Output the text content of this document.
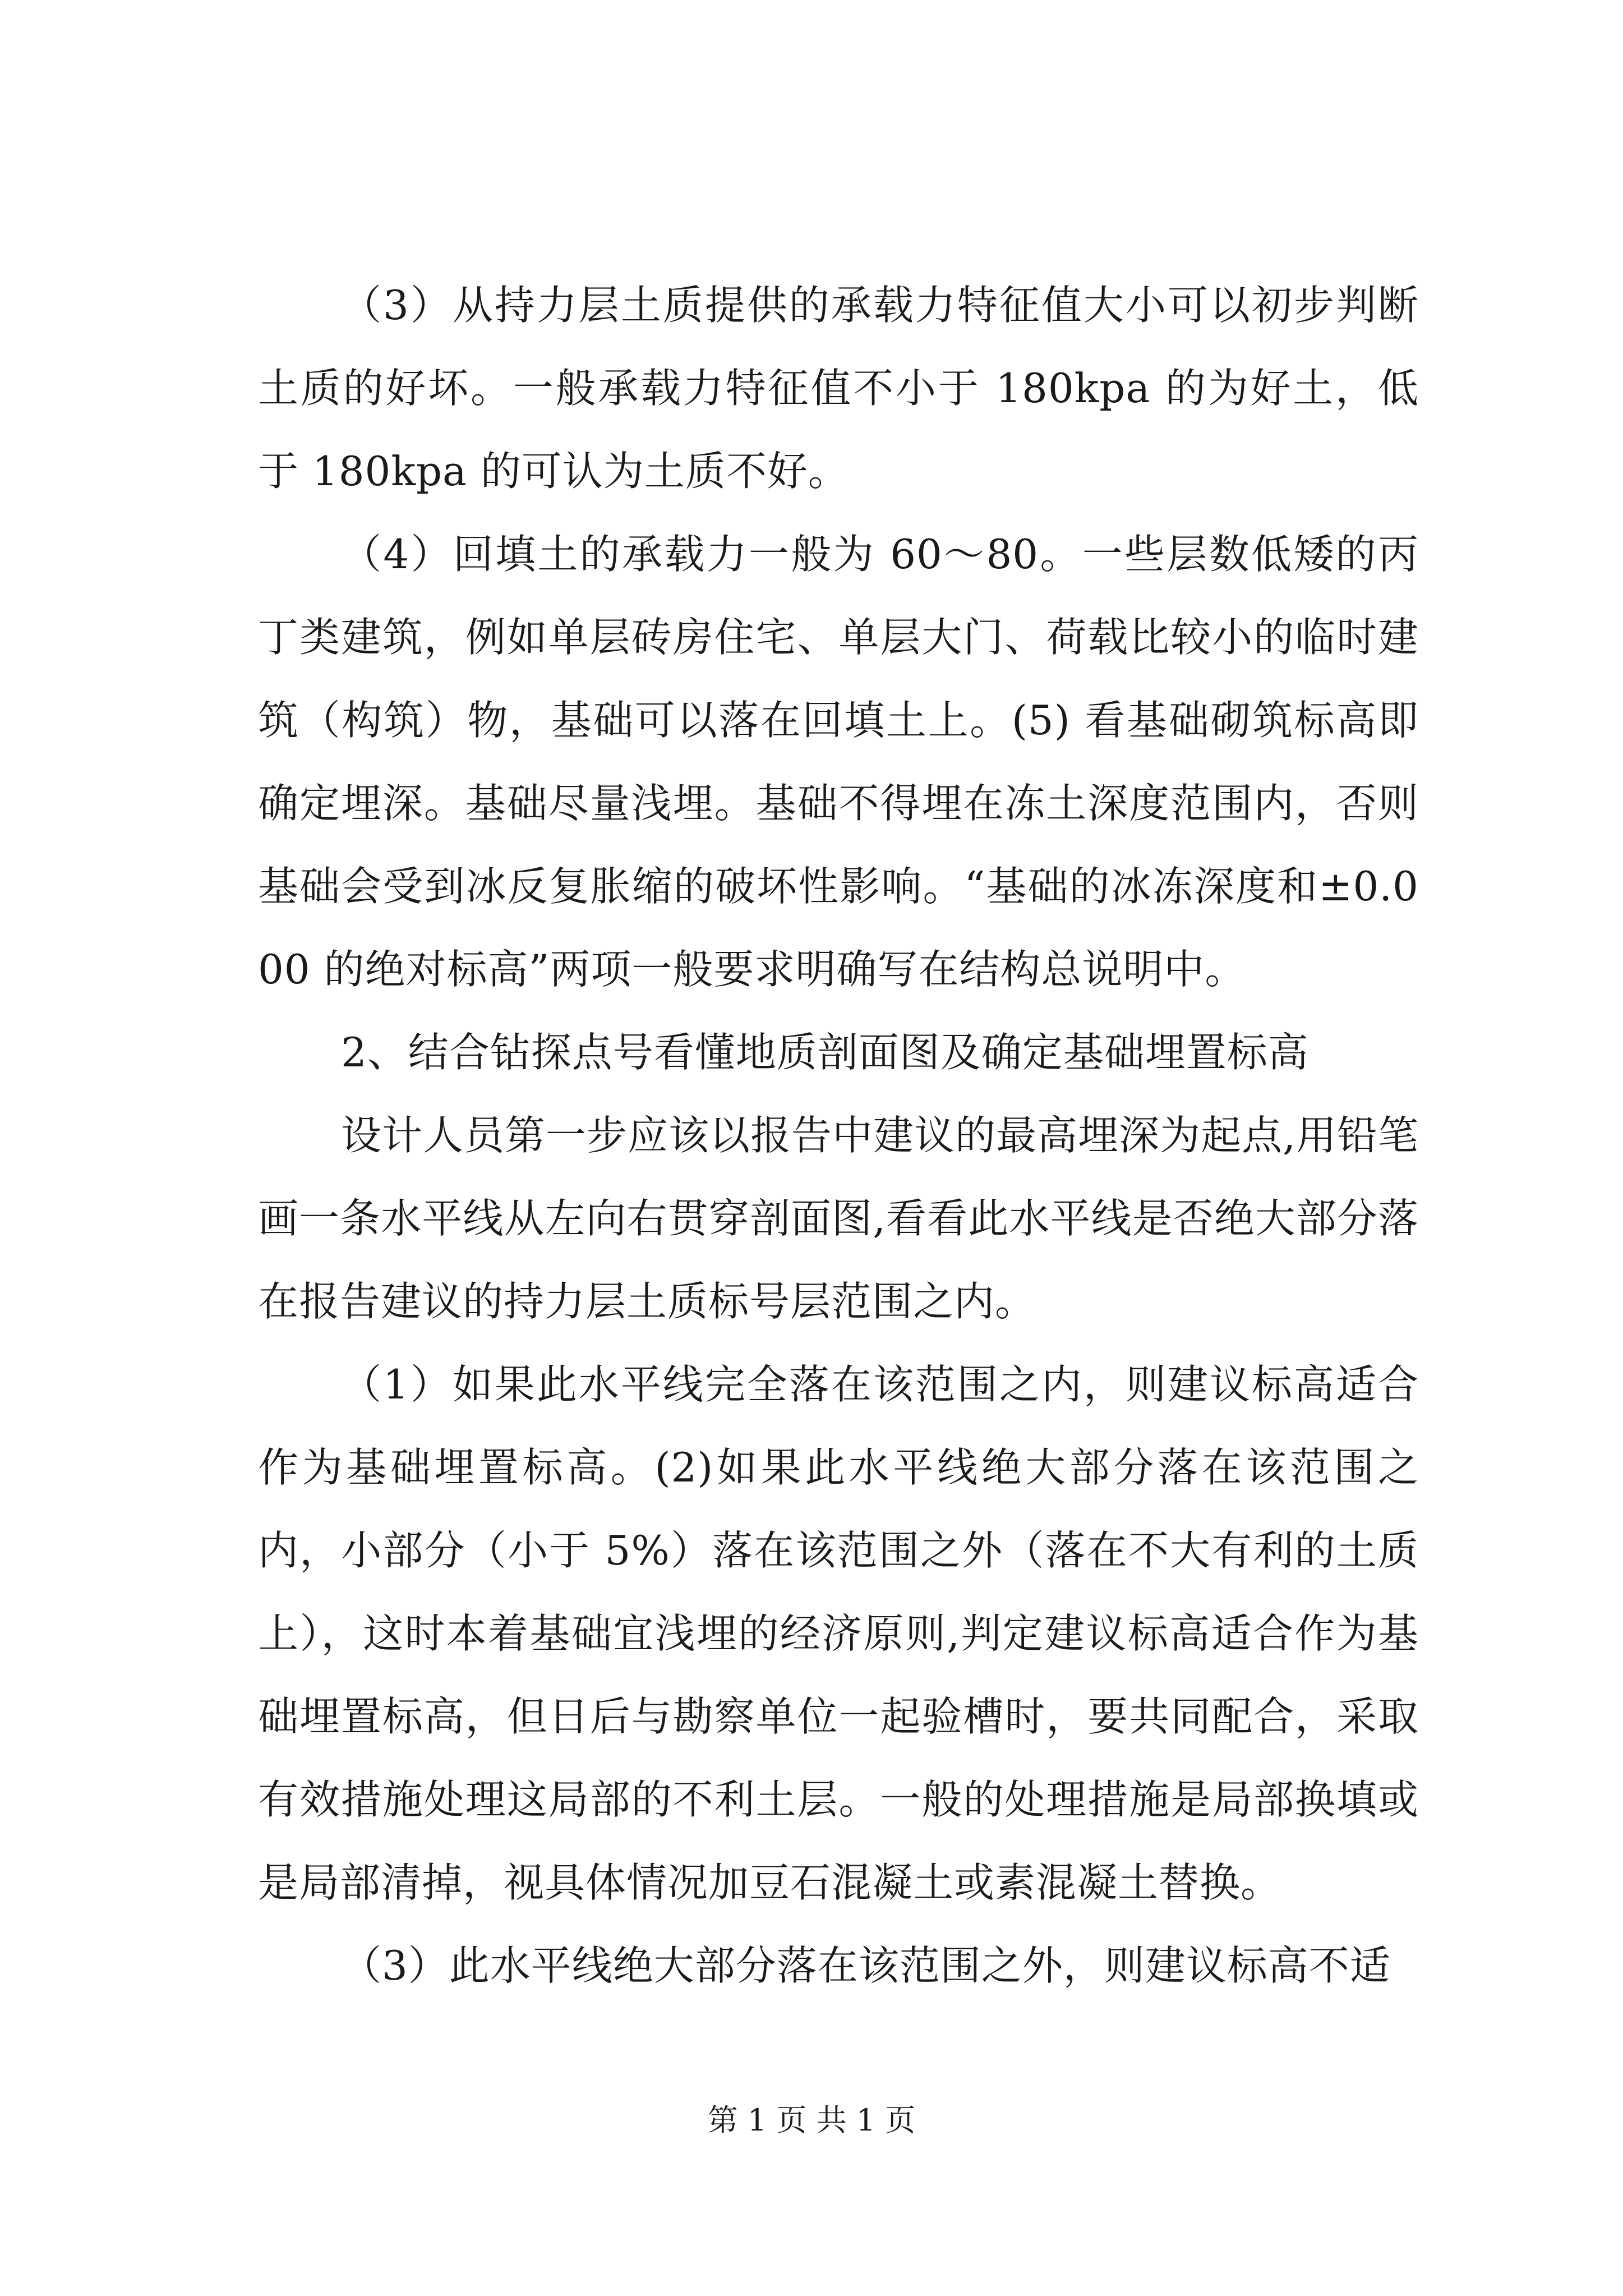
（3）从持力层土质提供的承载力特征值大小可以初步判断土质的好坏。一般承载力特征值不小于 180kpa 的为好土，低于 180kpa 的可认为土质不好。

（4）回填土的承载力一般为 60～80。一些层数低矮的丙丁类建筑，例如单层砖房住宅、单层大门、荷载比较小的临时建筑（构筑）物，基础可以落在回填土上。(5) 看基础砌筑标高即确定埋深。基础尽量浅埋。基础不得埋在冻土深度范围内，否则基础会受到冰反复胀缩的破坏性影响。“基础的冰冻深度和±0.000 的绝对标高”两项一般要求明确写在结构总说明中。

2、结合钻探点号看懂地质剖面图及确定基础埋置标高

设计人员第一步应该以报告中建议的最高埋深为起点,用铅笔画一条水平线从左向右贯穿剖面图,看看此水平线是否绝大部分落在报告建议的持力层土质标号层范围之内。

（1）如果此水平线完全落在该范围之内，则建议标高适合作为基础埋置标高。(2)如果此水平线绝大部分落在该范围之内，小部分（小于 5%）落在该范围之外（落在不大有利的土质上），这时本着基础宜浅埋的经济原则,判定建议标高适合作为基础埋置标高，但日后与勘察单位一起验槽时，要共同配合，采取有效措施处理这局部的不利土层。一般的处理措施是局部换填或是局部清掉，视具体情况加豆石混凝土或素混凝土替换。

（3）此水平线绝大部分落在该范围之外，则建议标高不适

第 1 页 共 1 页
